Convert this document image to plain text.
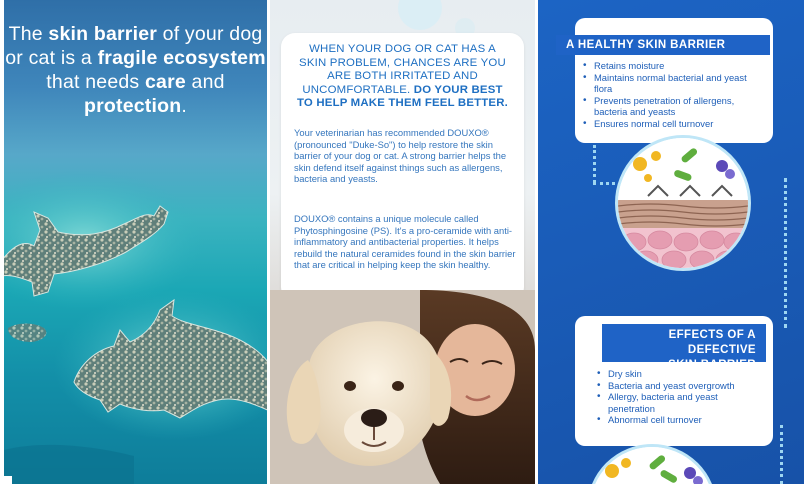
The skin barrier of your dog or cat is a fragile ecosystem that needs care and protection.
WHEN YOUR DOG OR CAT HAS A SKIN PROBLEM, CHANCES ARE YOU ARE BOTH IRRITATED AND UNCOMFORTABLE. DO YOUR BEST TO HELP MAKE THEM FEEL BETTER.
Your veterinarian has recommended DOUXO® (pronounced "Duke-So") to help restore the skin barrier of your dog or cat. A strong barrier helps the skin defend itself against things such as allergens, bacteria and yeasts.
DOUXO® contains a unique molecule called Phytosphingosine (PS). It's a pro-ceramide with anti-inflammatory and antibacterial properties. It helps rebuild the natural ceramides found in the skin barrier that are critical in helping keep the skin healthy.
A HEALTHY SKIN BARRIER
• Retains moisture
• Maintains normal bacterial and yeast flora
• Prevents penetration of allergens, bacteria and yeasts
• Ensures normal cell turnover
EFFECTS OF A DEFECTIVE
SKIN BARRIER
• Dry skin
• Bacteria and yeast overgrowth
• Allergy, bacteria and yeast penetration
• Abnormal cell turnover
